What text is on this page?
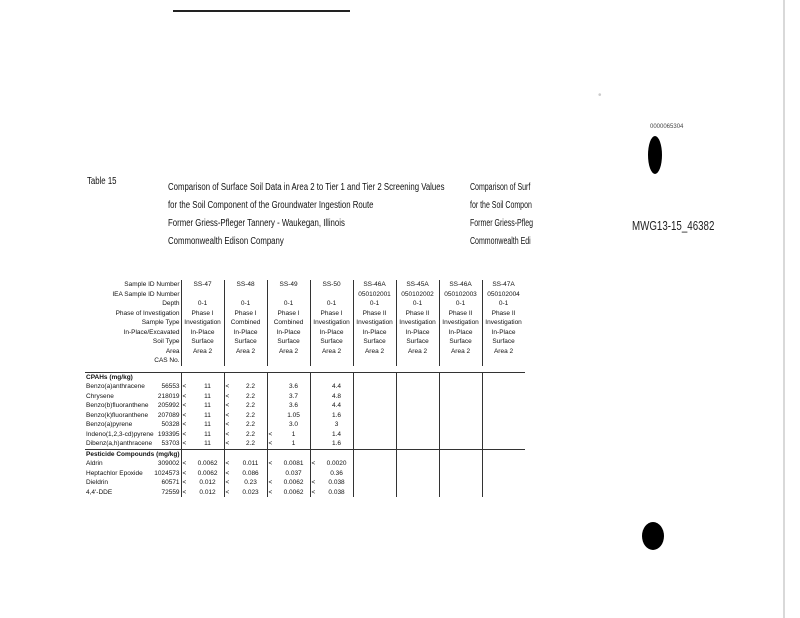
•
0000065304
Table 15
Comparison of Surface Soil Data in Area 2 to Tier 1 and Tier 2 Screening Values
for the Soil Component of the Groundwater Ingestion Route
Former Griess-Pfleger Tannery - Waukegan, Illinois
Commonwealth Edison Company
Comparison of Surf
for the Soil Compon
Former Griess-Pfleg
Commonwealth Edi
MWG13-15_46382
Sample ID Number	SS-47		SS-48		SS-49		SS-50		SS-46A		SS-45A		SS-46A		SS-47A	
IEA Sample ID Number									050102001		050102002		050102003		050102004	
Depth	0-1		0-1		0-1		0-1		0-1		0-1		0-1		0-1	
Phase of Investigation	Phase I		Phase I		Phase I		Phase I		Phase II		Phase II		Phase II		Phase II	
Sample Type	Investigation		Combined		Combined		Investigation		Investigation		Investigation		Investigation		Investigation	
In-Place/Excavated	In-Place		In-Place		In-Place		In-Place		In-Place		In-Place		In-Place		In-Place	
Soil Type	Surface		Surface		Surface		Surface		Surface		Surface		Surface		Surface	
Area	Area 2		Area 2		Area 2		Area 2		Area 2		Area 2		Area 2		Area 2	
CAS No.																

CPAHs (mg/kg)																
Benzo(a)anthracene 56553	<	11	<	2.2		3.6		4.4								
Chrysene 218019	<	11	<	2.2		3.7		4.8								
Benzo(b)fluoranthene 205992	<	11	<	2.2		3.6		4.4								
Benzo(k)fluoranthene 207089	<	11	<	2.2		1.05		1.6								
Benzo(a)pyrene 50328	<	11	<	2.2		3.0		3								
Indeno(1,2,3-cd)pyrene 193395	<	11	<	2.2	<	1		1.4								
Dibenz(a,h)anthracene 53703	<	11	<	2.2	<	1		1.6								
Pesticide Compounds (mg/kg)																
Aldrin 309002	<	0.0062	<	0.011	<	0.0081	<	0.0020								
Heptachlor Epoxide 1024573	<	0.0062	<	0.086		0.037		0.36								
Dieldrin 60571	<	0.012	<	0.23	<	0.0062	<	0.038								
4,4'-DDE 72559	<	0.012	<	0.023	<	0.0062	<	0.038								
